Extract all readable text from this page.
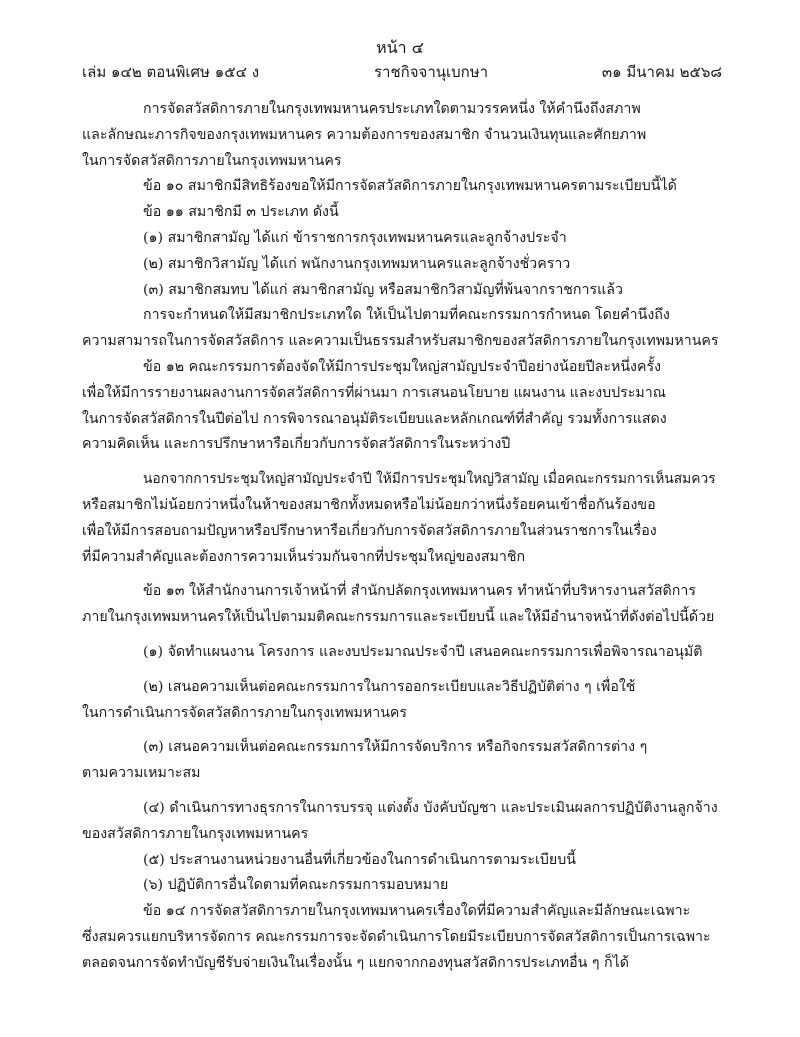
หน้า ๔
เล่ม ๑๔๒ ตอนพิเศษ ๑๕๔ ง	ราชกิจจานุเบกษา	๓๑ มีนาคม ๒๕๖๘

การจัดสวัสดิการภายในกรุงเทพมหานครประเภทใดตามวรรคหนึ่ง ให้คำนึงถึงสภาพ

และลักษณะภารกิจของกรุงเทพมหานคร ความต้องการของสมาชิก จำนวนเงินทุนและศักยภาพ

ในการจัดสวัสดิการภายในกรุงเทพมหานคร

ข้อ ๑๐ สมาชิกมีสิทธิร้องขอให้มีการจัดสวัสดิการภายในกรุงเทพมหานครตามระเบียบนี้ได้

ข้อ ๑๑ สมาชิกมี ๓ ประเภท ดังนี้

(๑) สมาชิกสามัญ ได้แก่ ข้าราชการกรุงเทพมหานครและลูกจ้างประจำ

(๒) สมาชิกวิสามัญ ได้แก่ พนักงานกรุงเทพมหานครและลูกจ้างชั่วคราว

(๓) สมาชิกสมทบ ได้แก่ สมาชิกสามัญ หรือสมาชิกวิสามัญที่พ้นจากราชการแล้ว

การจะกำหนดให้มีสมาชิกประเภทใด ให้เป็นไปตามที่คณะกรรมการกำหนด โดยคำนึงถึง

ความสามารถในการจัดสวัสดิการ และความเป็นธรรมสำหรับสมาชิกของสวัสดิการภายในกรุงเทพมหานคร

ข้อ ๑๒ คณะกรรมการต้องจัดให้มีการประชุมใหญ่สามัญประจำปีอย่างน้อยปีละหนึ่งครั้ง

เพื่อให้มีการรายงานผลงานการจัดสวัสดิการที่ผ่านมา การเสนอนโยบาย แผนงาน และงบประมาณ

ในการจัดสวัสดิการในปีต่อไป การพิจารณาอนุมัติระเบียบและหลักเกณฑ์ที่สำคัญ รวมทั้งการแสดง

ความคิดเห็น และการปรึกษาหารือเกี่ยวกับการจัดสวัสดิการในระหว่างปี

นอกจากการประชุมใหญ่สามัญประจำปี ให้มีการประชุมใหญ่วิสามัญ เมื่อคณะกรรมการเห็นสมควร

หรือสมาชิกไม่น้อยกว่าหนึ่งในห้าของสมาชิกทั้งหมดหรือไม่น้อยกว่าหนึ่งร้อยคนเข้าชื่อกันร้องขอ

เพื่อให้มีการสอบถามปัญหาหรือปรึกษาหารือเกี่ยวกับการจัดสวัสดิการภายในส่วนราชการในเรื่อง

ที่มีความสำคัญและต้องการความเห็นร่วมกันจากที่ประชุมใหญ่ของสมาชิก

ข้อ ๑๓ ให้สำนักงานการเจ้าหน้าที่ สำนักปลัดกรุงเทพมหานคร ทำหน้าที่บริหารงานสวัสดิการ

ภายในกรุงเทพมหานครให้เป็นไปตามมติคณะกรรมการและระเบียบนี้ และให้มีอำนาจหน้าที่ดังต่อไปนี้ด้วย

(๑) จัดทำแผนงาน โครงการ และงบประมาณประจำปี เสนอคณะกรรมการเพื่อพิจารณาอนุมัติ

(๒) เสนอความเห็นต่อคณะกรรมการในการออกระเบียบและวิธีปฏิบัติต่าง ๆ เพื่อใช้

ในการดำเนินการจัดสวัสดิการภายในกรุงเทพมหานคร

(๓) เสนอความเห็นต่อคณะกรรมการให้มีการจัดบริการ หรือกิจกรรมสวัสดิการต่าง ๆ

ตามความเหมาะสม

(๔) ดำเนินการทางธุรการในการบรรจุ แต่งตั้ง บังคับบัญชา และประเมินผลการปฏิบัติงานลูกจ้าง

ของสวัสดิการภายในกรุงเทพมหานคร

(๕) ประสานงานหน่วยงานอื่นที่เกี่ยวข้องในการดำเนินการตามระเบียบนี้

(๖) ปฏิบัติการอื่นใดตามที่คณะกรรมการมอบหมาย

ข้อ ๑๔ การจัดสวัสดิการภายในกรุงเทพมหานครเรื่องใดที่มีความสำคัญและมีลักษณะเฉพาะ

ซึ่งสมควรแยกบริหารจัดการ คณะกรรมการจะจัดดำเนินการโดยมีระเบียบการจัดสวัสดิการเป็นการเฉพาะ

ตลอดจนการจัดทำบัญชีรับจ่ายเงินในเรื่องนั้น ๆ แยกจากกองทุนสวัสดิการประเภทอื่น ๆ ก็ได้
